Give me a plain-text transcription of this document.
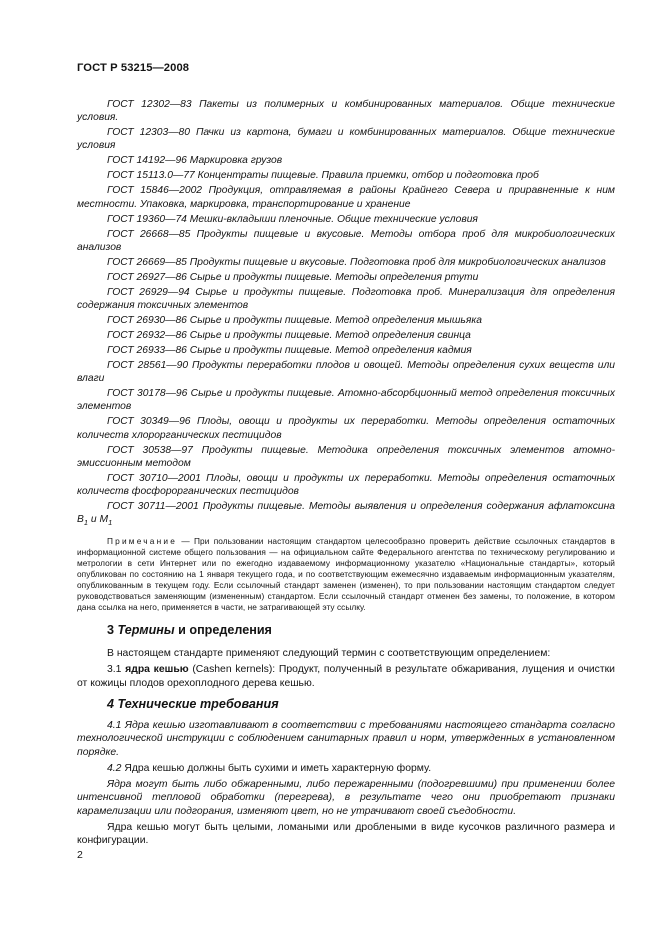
ГОСТ Р 53215—2008

ГОСТ 12302—83 Пакеты из полимерных и комбинированных материалов. Общие технические условия.

ГОСТ 12303—80 Пачки из картона, бумаги и комбинированных материалов. Общие технические условия

ГОСТ 14192—96 Маркировка грузов

ГОСТ 15113.0—77 Концентраты пищевые. Правила приемки, отбор и подготовка проб

ГОСТ 15846—2002 Продукция, отправляемая в районы Крайнего Севера и приравненные к ним местности. Упаковка, маркировка, транспортирование и хранение

ГОСТ 19360—74 Мешки-вкладыши пленочные. Общие технические условия

ГОСТ 26668—85 Продукты пищевые и вкусовые. Методы отбора проб для микробиологических анализов

ГОСТ 26669—85 Продукты пищевые и вкусовые. Подготовка проб для микробиологических анализов

ГОСТ 26927—86 Сырье и продукты пищевые. Методы определения ртути

ГОСТ 26929—94 Сырье и продукты пищевые. Подготовка проб. Минерализация для определения содержания токсичных элементов

ГОСТ 26930—86 Сырье и продукты пищевые. Метод определения мышьяка

ГОСТ 26932—86 Сырье и продукты пищевые. Метод определения свинца

ГОСТ 26933—86 Сырье и продукты пищевые. Метод определения кадмия

ГОСТ 28561—90 Продукты переработки плодов и овощей. Методы определения сухих веществ или влаги

ГОСТ 30178—96 Сырье и продукты пищевые. Атомно-абсорбционный метод определения токсичных элементов

ГОСТ 30349—96 Плоды, овощи и продукты их переработки. Методы определения остаточных количеств хлорорганических пестицидов

ГОСТ 30538—97 Продукты пищевые. Методика определения токсичных элементов атомно-эмиссионным методом

ГОСТ 30710—2001 Плоды, овощи и продукты их переработки. Методы определения остаточных количеств фосфорорганических пестицидов

ГОСТ 30711—2001 Продукты пищевые. Методы выявления и определения содержания афлатоксина $B_1$ и $M_1$

Примечание — При пользовании настоящим стандартом целесообразно проверить действие ссылочных стандартов в информационной системе общего пользования — на официальном сайте Федерального агентства по техническому регулированию и метрологии в сети Интернет или по ежегодно издаваемому информационному указателю «Национальные стандарты», который опубликован по состоянию на 1 января текущего года, и по соответствующим ежемесячно издаваемым информационным указателям, опубликованным в текущем году. Если ссылочный стандарт заменен (изменен), то при пользовании настоящим стандартом следует руководствоваться заменяющим (измененным) стандартом. Если ссылочный стандарт отменен без замены, то положение, в котором дана ссылка на него, применяется в части, не затрагивающей эту ссылку.

3 Термины и определения

В настоящем стандарте применяют следующий термин с соответствующим определением:

3.1 ядра кешью (Cashen kernels): Продукт, полученный в результате обжаривания, лущения и очистки от кожицы плодов орехоплодного дерева кешью.

4 Технические требования

4.1 Ядра кешью изготавливают в соответствии с требованиями настоящего стандарта согласно технологической инструкции с соблюдением санитарных правил и норм, утвержденных в установленном порядке.

4.2 Ядра кешью должны быть сухими и иметь характерную форму.

Ядра могут быть либо обжаренными, либо пережаренными (подогревшими) при применении более интенсивной тепловой обработки (перегрева), в результате чего они приобретают признаки карамелизации или подгорания, изменяют цвет, но не утрачивают своей съедобности.

Ядра кешью могут быть целыми, ломаными или дроблеными в виде кусочков различного размера и конфигурации.

2
